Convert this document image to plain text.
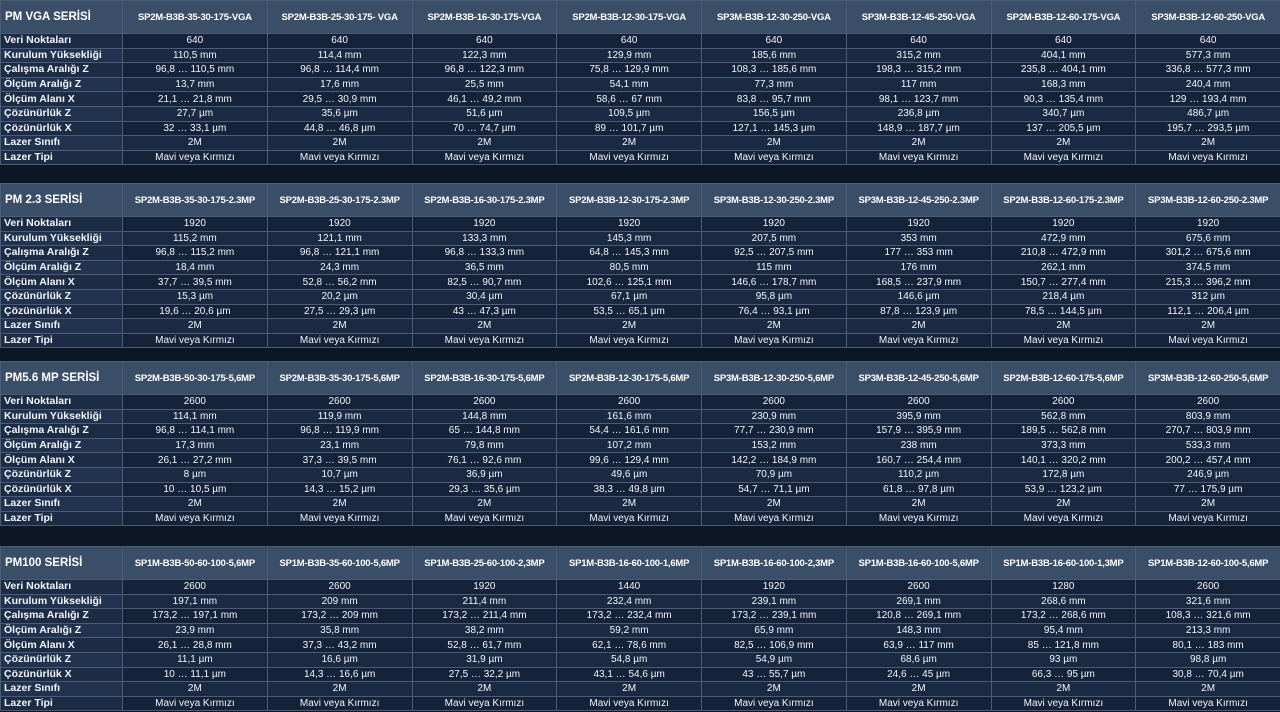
PM VGA SERİSİ	SP2M-B3B-35-30-175-VGA	SP2M-B3B-25-30-175- VGA	SP2M-B3B-16-30-175-VGA	SP2M-B3B-12-30-175-VGA	SP3M-B3B-12-30-250-VGA	SP3M-B3B-12-45-250-VGA	SP2M-B3B-12-60-175-VGA	SP3M-B3B-12-60-250-VGA
Veri Noktaları	640	640	640	640	640	640	640	640
Kurulum Yüksekliği	110,5 mm	114,4 mm	122,3 mm	129,9 mm	185,6 mm	315,2 mm	404,1 mm	577,3 mm
Çalışma Aralığı Z	96,8 … 110,5 mm	96,8 … 114,4 mm	96,8 … 122,3 mm	75,8 … 129,9 mm	108,3 … 185,6 mm	198,3 … 315,2 mm	235,8 … 404,1 mm	336,8 … 577,3 mm
Ölçüm Aralığı Z	13,7 mm	17,6 mm	25,5 mm	54,1 mm	77,3 mm	117 mm	168,3 mm	240,4 mm
Ölçüm Alanı X	21,1 … 21,8 mm	29,5 … 30,9 mm	46,1 … 49,2 mm	58,6 … 67 mm	83,8 … 95,7 mm	98,1 … 123,7 mm	90,3 … 135,4 mm	129 … 193,4 mm
Çözünürlük Z	27,7 µm	35,6 µm	51,6 µm	109,5 µm	156,5 µm	236,8 µm	340,7 µm	486,7 µm
Çözünürlük X	32 … 33,1 µm	44,8 … 46,8 µm	70 … 74,7 µm	89 … 101,7 µm	127,1 … 145,3 µm	148,9 … 187,7 µm	137 … 205,5 µm	195,7 … 293,5 µm
Lazer Sınıfı	2M	2M	2M	2M	2M	2M	2M	2M
Lazer Tipi	Mavi veya Kırmızı	Mavi veya Kırmızı	Mavi veya Kırmızı	Mavi veya Kırmızı	Mavi veya Kırmızı	Mavi veya Kırmızı	Mavi veya Kırmızı	Mavi veya Kırmızı
PM 2.3 SERİSİ	SP2M-B3B-35-30-175-2.3MP	SP2M-B3B-25-30-175-2.3MP	SP2M-B3B-16-30-175-2.3MP	SP2M-B3B-12-30-175-2.3MP	SP3M-B3B-12-30-250-2.3MP	SP3M-B3B-12-45-250-2.3MP	SP2M-B3B-12-60-175-2.3MP	SP3M-B3B-12-60-250-2.3MP
Veri Noktaları	1920	1920	1920	1920	1920	1920	1920	1920
Kurulum Yüksekliği	115,2 mm	121,1 mm	133,3 mm	145,3 mm	207,5 mm	353 mm	472,9 mm	675,6 mm
Çalışma Aralığı Z	96,8 … 115,2 mm	96,8 … 121,1 mm	96,8 … 133,3 mm	64,8 … 145,3 mm	92,5 … 207,5 mm	177 … 353 mm	210,8 … 472,9 mm	301,2 … 675,6 mm
Ölçüm Aralığı Z	18,4 mm	24,3 mm	36,5 mm	80,5 mm	115 mm	176 mm	262,1 mm	374,5 mm
Ölçüm Alanı X	37,7 … 39,5 mm	52,8 … 56,2 mm	82,5 … 90,7 mm	102,6 … 125,1 mm	146,6 … 178,7 mm	168,5 … 237,9 mm	150,7 … 277,4 mm	215,3 … 396,2 mm
Çözünürlük Z	15,3 µm	20,2 µm	30,4 µm	67,1 µm	95,8 µm	146,6 µm	218,4 µm	312 µm
Çözünürlük X	19,6 … 20,6 µm	27,5 … 29,3 µm	43 … 47,3 µm	53,5 … 65,1 µm	76,4 … 93,1 µm	87,8 … 123,9 µm	78,5 … 144,5 µm	112,1 … 206,4 µm
Lazer Sınıfı	2M	2M	2M	2M	2M	2M	2M	2M
Lazer Tipi	Mavi veya Kırmızı	Mavi veya Kırmızı	Mavi veya Kırmızı	Mavi veya Kırmızı	Mavi veya Kırmızı	Mavi veya Kırmızı	Mavi veya Kırmızı	Mavi veya Kırmızı
PM5.6 MP SERİSİ	SP2M-B3B-50-30-175-5,6MP	SP2M-B3B-35-30-175-5,6MP	SP2M-B3B-16-30-175-5,6MP	SP2M-B3B-12-30-175-5,6MP	SP3M-B3B-12-30-250-5,6MP	SP3M-B3B-12-45-250-5,6MP	SP2M-B3B-12-60-175-5,6MP	SP3M-B3B-12-60-250-5,6MP
Veri Noktaları	2600	2600	2600	2600	2600	2600	2600	2600
Kurulum Yüksekliği	114,1 mm	119,9 mm	144,8 mm	161,6 mm	230,9 mm	395,9 mm	562,8 mm	803,9 mm
Çalışma Aralığı Z	96,8 … 114,1 mm	96,8 … 119,9 mm	65 … 144,8 mm	54,4 … 161,6 mm	77,7 … 230,9 mm	157,9 … 395,9 mm	189,5 … 562,8 mm	270,7 … 803,9 mm
Ölçüm Aralığı Z	17,3 mm	23,1 mm	79,8 mm	107,2 mm	153,2 mm	238 mm	373,3 mm	533,3 mm
Ölçüm Alanı X	26,1 … 27,2 mm	37,3 … 39,5 mm	76,1 … 92,6 mm	99,6 … 129,4 mm	142,2 … 184,9 mm	160,7 … 254,4 mm	140,1 … 320,2 mm	200,2 … 457,4 mm
Çözünürlük Z	8 µm	10,7 µm	36,9 µm	49,6 µm	70,9 µm	110,2 µm	172,8 µm	246,9 µm
Çözünürlük X	10 … 10,5 µm	14,3 … 15,2 µm	29,3 … 35,6 µm	38,3 … 49,8 µm	54,7 … 71,1 µm	61,8 … 97,8 µm	53,9 … 123,2 µm	77 … 175,9 µm
Lazer Sınıfı	2M	2M	2M	2M	2M	2M	2M	2M
Lazer Tipi	Mavi veya Kırmızı	Mavi veya Kırmızı	Mavi veya Kırmızı	Mavi veya Kırmızı	Mavi veya Kırmızı	Mavi veya Kırmızı	Mavi veya Kırmızı	Mavi veya Kırmızı
PM100 SERİSİ	SP1M-B3B-50-60-100-5,6MP	SP1M-B3B-35-60-100-5,6MP	SP1M-B3B-25-60-100-2,3MP	SP1M-B3B-16-60-100-1,6MP	SP1M-B3B-16-60-100-2,3MP	SP1M-B3B-16-60-100-5,6MP	SP1M-B3B-16-60-100-1,3MP	SP1M-B3B-12-60-100-5,6MP
Veri Noktaları	2600	2600	1920	1440	1920	2600	1280	2600
Kurulum Yüksekliği	197,1 mm	209 mm	211,4 mm	232,4 mm	239,1 mm	269,1 mm	268,6 mm	321,6 mm
Çalışma Aralığı Z	173,2 … 197,1 mm	173,2 … 209 mm	173,2 … 211,4 mm	173,2 … 232,4 mm	173,2 … 239,1 mm	120,8 … 269,1 mm	173,2 … 268,6 mm	108,3 … 321,6 mm
Ölçüm Aralığı Z	23,9 mm	35,8 mm	38,2 mm	59,2 mm	65,9 mm	148,3 mm	95,4 mm	213,3 mm
Ölçüm Alanı X	26,1 … 28,8 mm	37,3 … 43,2 mm	52,8 … 61,7 mm	62,1 … 78,6 mm	82,5 … 106,9 mm	63,9 … 117 mm	85 … 121,8 mm	80,1 … 183 mm
Çözünürlük Z	11,1 µm	16,6 µm	31,9 µm	54,8 µm	54,9 µm	68,6 µm	93 µm	98,8 µm
Çözünürlük X	10 … 11,1 µm	14,3 … 16,6 µm	27,5 … 32,2 µm	43,1 … 54,6 µm	43 … 55,7 µm	24,6 … 45 µm	66,3 … 95 µm	30,8 … 70,4 µm
Lazer Sınıfı	2M	2M	2M	2M	2M	2M	2M	2M
Lazer Tipi	Mavi veya Kırmızı	Mavi veya Kırmızı	Mavi veya Kırmızı	Mavi veya Kırmızı	Mavi veya Kırmızı	Mavi veya Kırmızı	Mavi veya Kırmızı	Mavi veya Kırmızı
